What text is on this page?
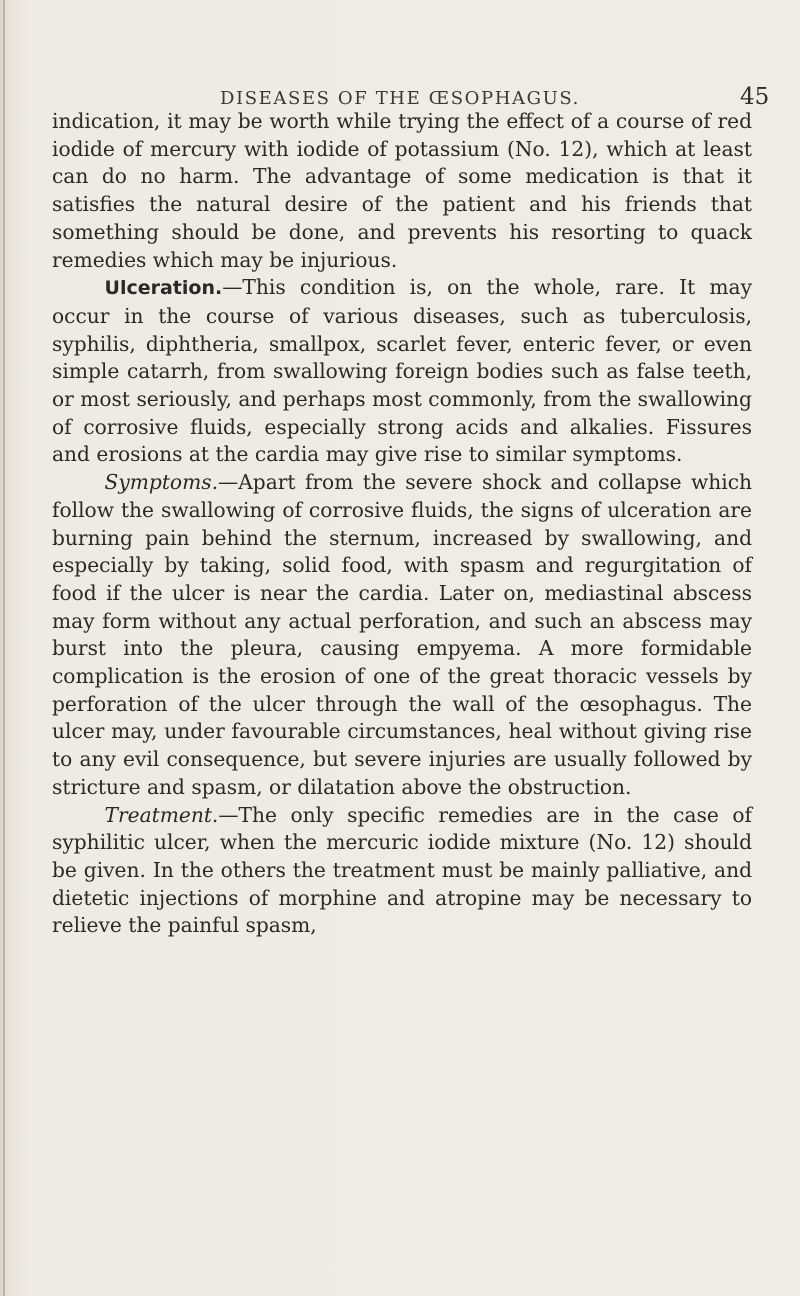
DISEASES OF THE ŒSOPHAGUS.	45

indication, it may be worth while trying the effect of a course of red iodide of mercury with iodide of potassium (No. 12), which at least can do no harm. The advantage of some medication is that it satisfies the natural desire of the patient and his friends that something should be done, and prevents his resorting to quack remedies which may be injurious.

Ulceration.—This condition is, on the whole, rare. It may occur in the course of various diseases, such as tuberculosis, syphilis, diphtheria, smallpox, scarlet fever, enteric fever, or even simple catarrh, from swallowing foreign bodies such as false teeth, or most seriously, and perhaps most commonly, from the swallowing of corrosive fluids, especially strong acids and alkalies. Fissures and erosions at the cardia may give rise to similar symptoms.

Symptoms.—Apart from the severe shock and collapse which follow the swallowing of corrosive fluids, the signs of ulceration are burning pain behind the sternum, increased by swallowing, and especially by taking, solid food, with spasm and regurgitation of food if the ulcer is near the cardia. Later on, mediastinal abscess may form without any actual perforation, and such an abscess may burst into the pleura, causing empyema. A more formidable complication is the erosion of one of the great thoracic vessels by perforation of the ulcer through the wall of the œsophagus. The ulcer may, under favourable circumstances, heal without giving rise to any evil consequence, but severe injuries are usually followed by stricture and spasm, or dilatation above the obstruction.

Treatment.—The only specific remedies are in the case of syphilitic ulcer, when the mercuric iodide mixture (No. 12) should be given. In the others the treatment must be mainly palliative, and dietetic injections of morphine and atropine may be necessary to relieve the painful spasm,
